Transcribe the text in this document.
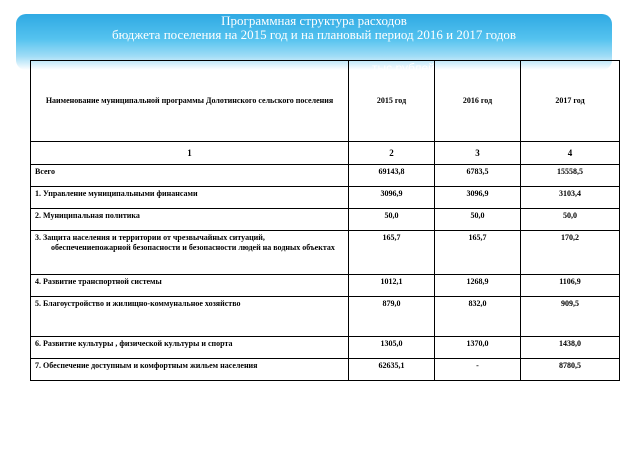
Наименование муниципальной программы Долотинского сельского поселения	2015 год	2016 год	2017 год
1	2	3	4
Всего	69143,8	6783,5	15558,5
1. Управление муниципальными финансами	3096,9	3096,9	3103,4
2. Муниципальная политика	50,0	50,0	50,0
3. Защита населения и территории от чрезвычайных ситуаций,
обеспечениепожарной безопасности и безопасности людей на водных объектах	165,7	165,7	170,2
4. Развитие транспортной системы	1012,1	1268,9	1106,9
5. Благоустройство и жилищно-коммунальное хозяйство	879,0	832,0	909,5
6. Развитие культуры , физической культуры и спорта	1305,0	1370,0	1438,0
7. Обеспечение доступным и комфортным жильем населения	62635,1	-	8780,5
Программная структура расходов
бюджета поселения на 2015 год и на плановый период 2016 и 2017 годов
тыс.рублей
